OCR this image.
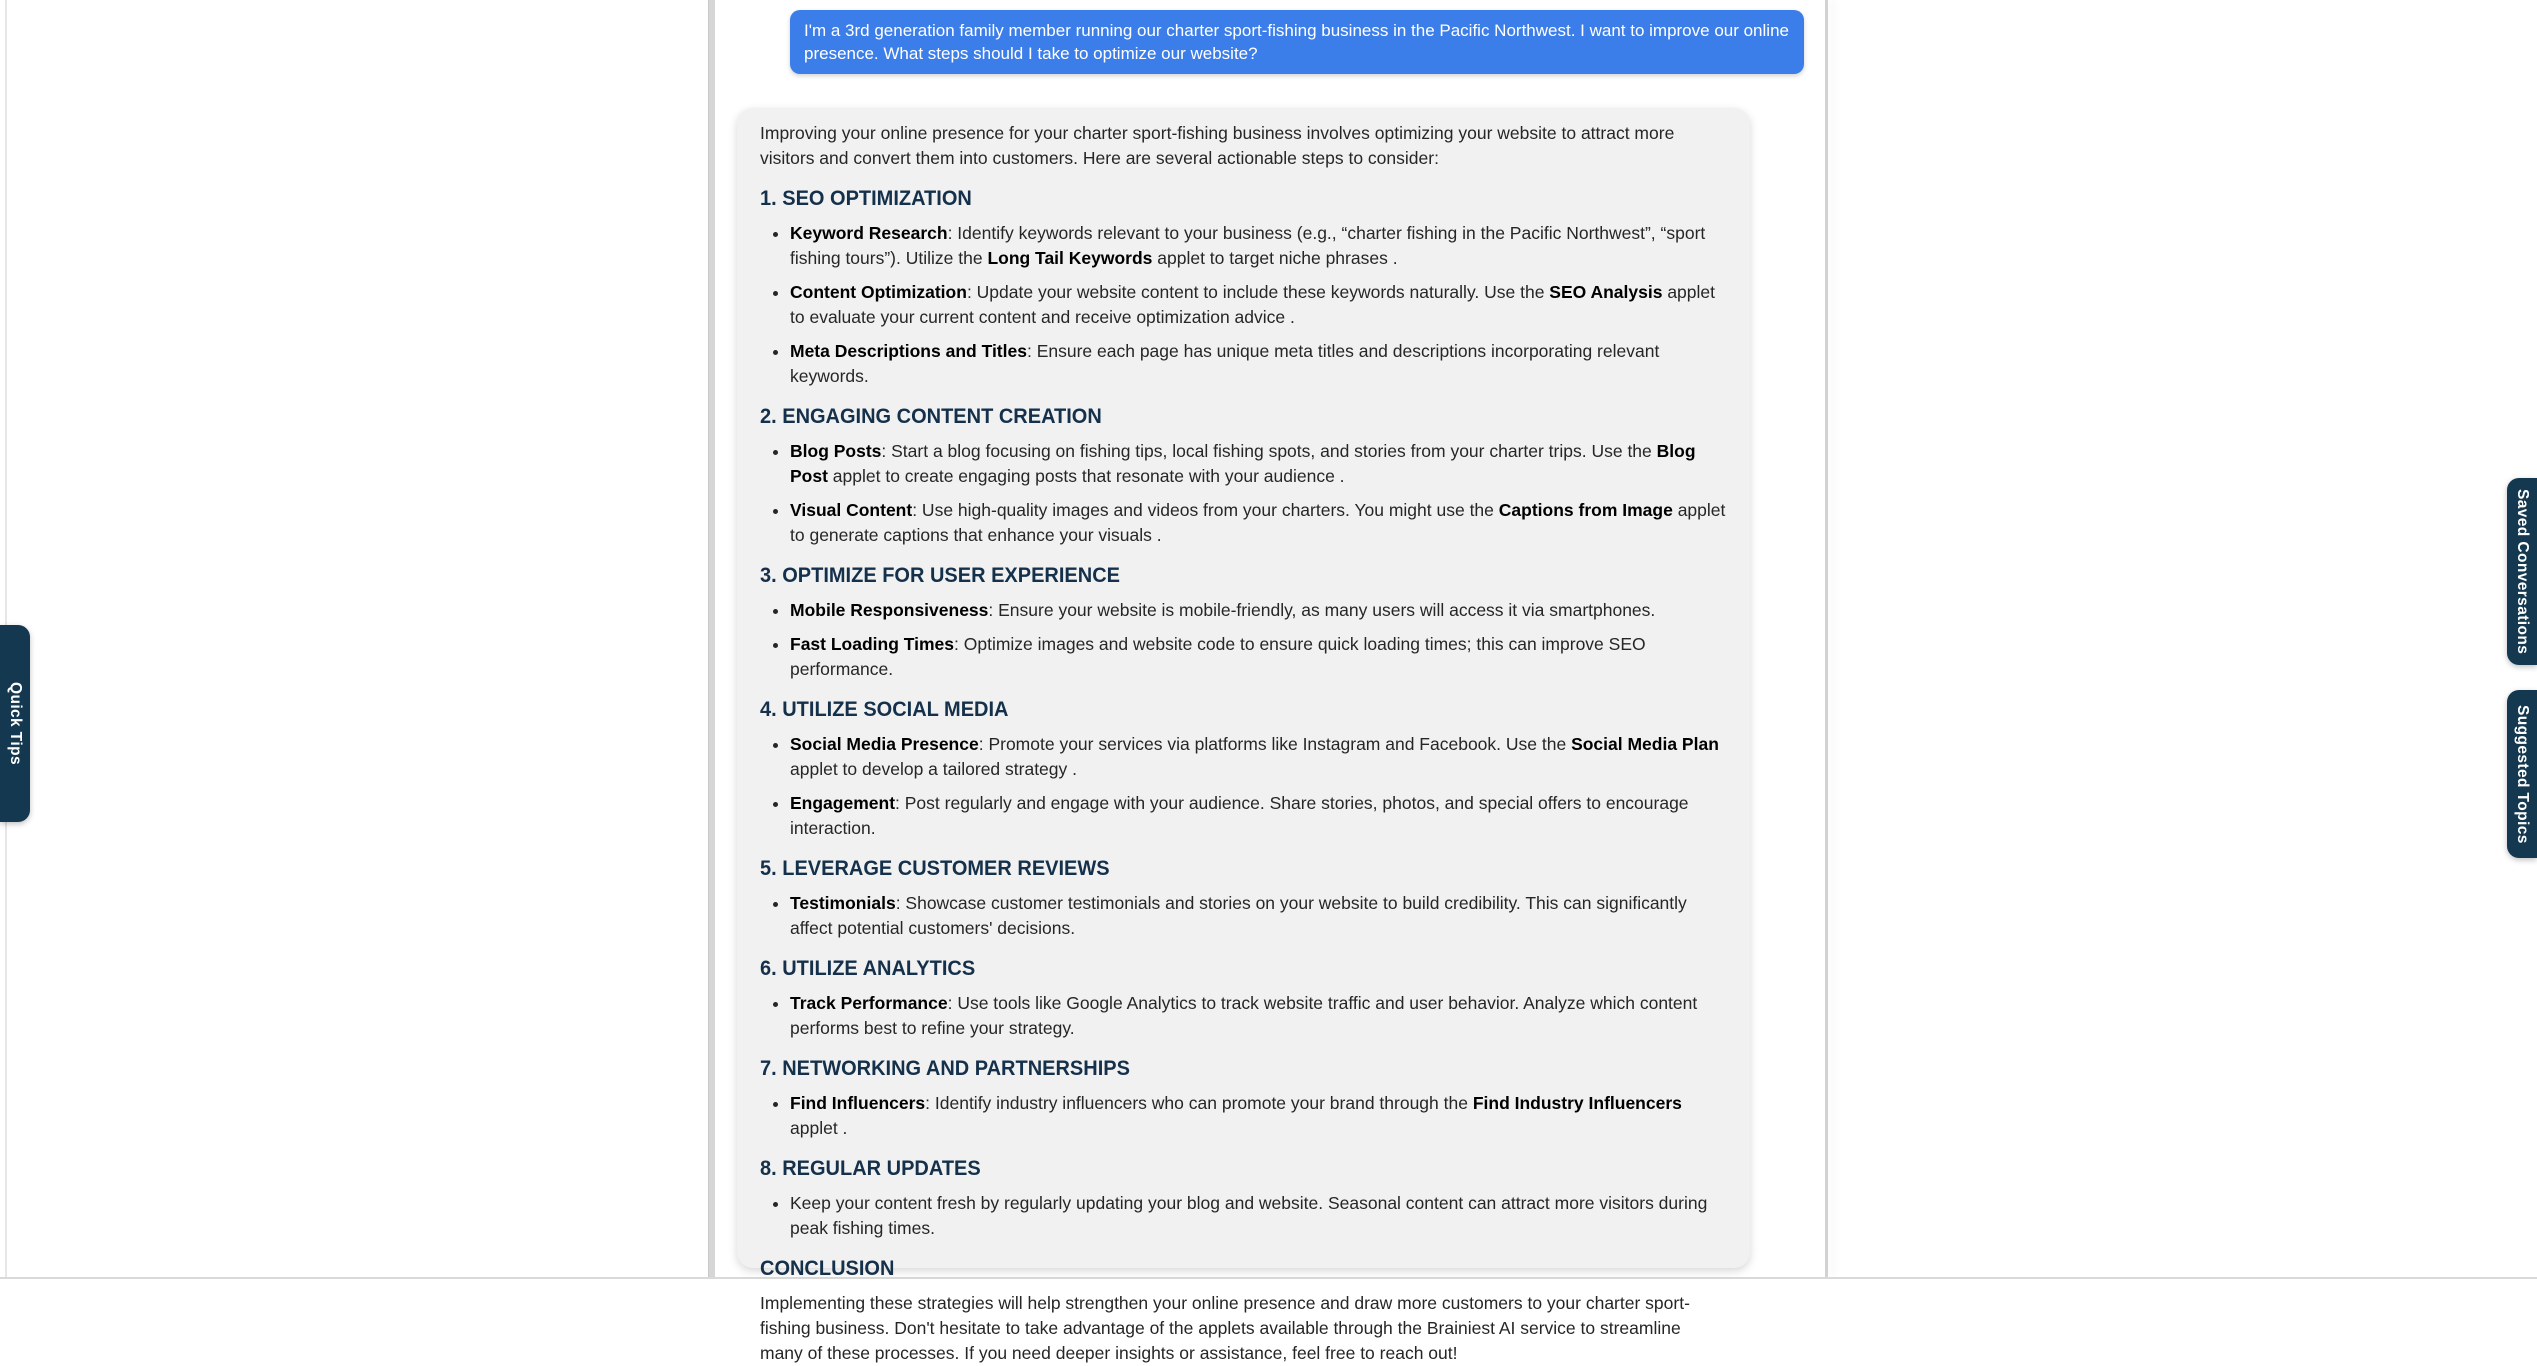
I'm a 3rd generation family member running our charter sport-fishing business in the Pacific Northwest. I want to improve our online presence. What steps should I take to optimize our website?

Improving your online presence for your charter sport-fishing business involves optimizing your website to attract more visitors and convert them into customers. Here are several actionable steps to consider:

1. SEO OPTIMIZATION
• Keyword Research: Identify keywords relevant to your business (e.g., “charter fishing in the Pacific Northwest”, “sport fishing tours”). Utilize the Long Tail Keywords applet to target niche phrases .
• Content Optimization: Update your website content to include these keywords naturally. Use the SEO Analysis applet to evaluate your current content and receive optimization advice .
• Meta Descriptions and Titles: Ensure each page has unique meta titles and descriptions incorporating relevant keywords.
2. ENGAGING CONTENT CREATION
• Blog Posts: Start a blog focusing on fishing tips, local fishing spots, and stories from your charter trips. Use the Blog Post applet to create engaging posts that resonate with your audience .
• Visual Content: Use high-quality images and videos from your charters. You might use the Captions from Image applet to generate captions that enhance your visuals .
3. OPTIMIZE FOR USER EXPERIENCE
• Mobile Responsiveness: Ensure your website is mobile-friendly, as many users will access it via smartphones.
• Fast Loading Times: Optimize images and website code to ensure quick loading times; this can improve SEO performance.
4. UTILIZE SOCIAL MEDIA
• Social Media Presence: Promote your services via platforms like Instagram and Facebook. Use the Social Media Plan applet to develop a tailored strategy .
• Engagement: Post regularly and engage with your audience. Share stories, photos, and special offers to encourage interaction.
5. LEVERAGE CUSTOMER REVIEWS
• Testimonials: Showcase customer testimonials and stories on your website to build credibility. This can significantly affect potential customers' decisions.
6. UTILIZE ANALYTICS
• Track Performance: Use tools like Google Analytics to track website traffic and user behavior. Analyze which content performs best to refine your strategy.
7. NETWORKING AND PARTNERSHIPS
• Find Influencers: Identify industry influencers who can promote your brand through the Find Industry Influencers applet .
8. REGULAR UPDATES
• Keep your content fresh by regularly updating your blog and website. Seasonal content can attract more visitors during peak fishing times.
CONCLUSION

Implementing these strategies will help strengthen your online presence and draw more customers to your charter sport-fishing business. Don't hesitate to take advantage of the applets available through the Brainiest AI service to streamline many of these processes. If you need deeper insights or assistance, feel free to reach out!

Quick Tips
Saved Conversations
Suggested Topics
